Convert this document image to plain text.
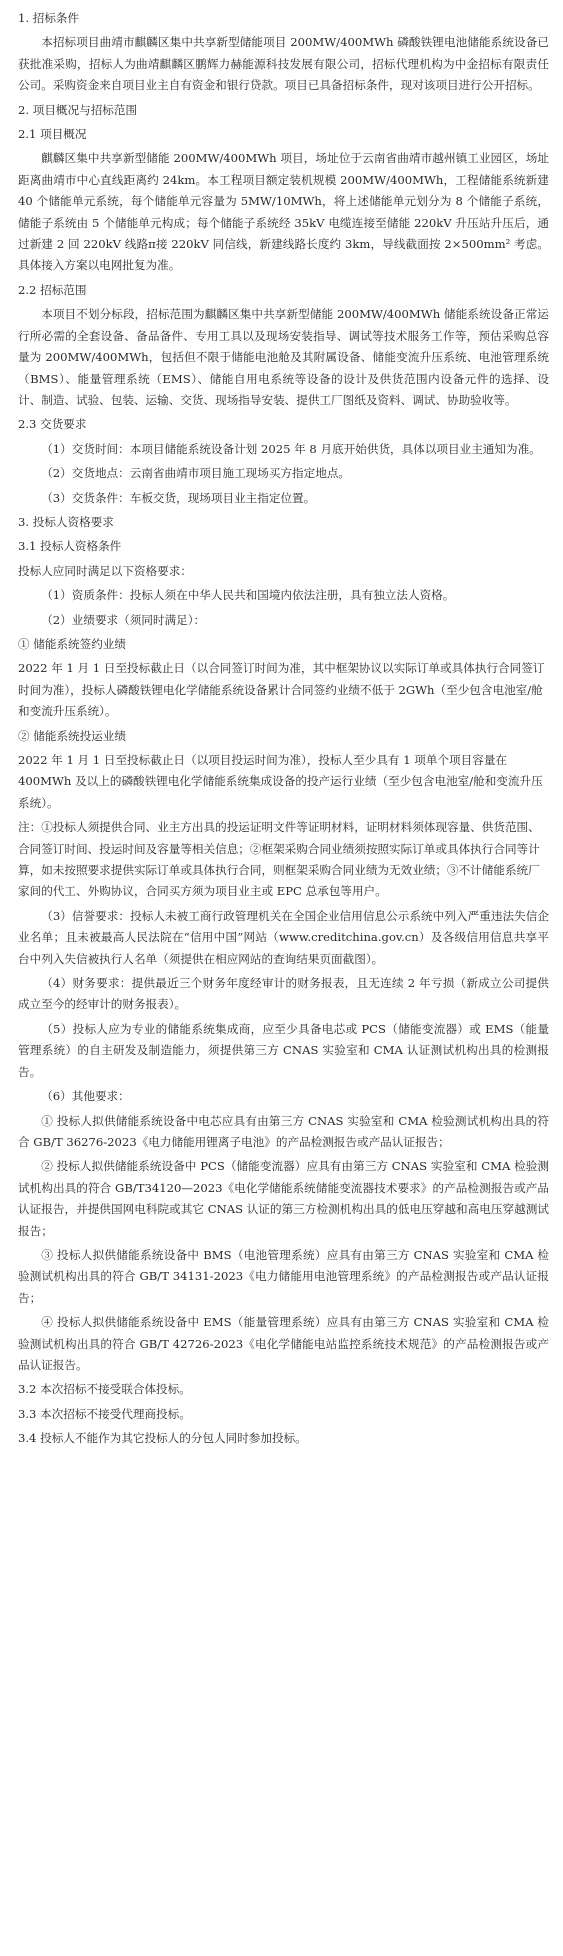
1. 招标条件

本招标项目曲靖市麒麟区集中共享新型储能项目 200MW/400MWh 磷酸铁锂电池储能系统设备已获批准采购，招标人为曲靖麒麟区鹏辉力赫能源科技发展有限公司，招标代理机构为中金招标有限责任公司。采购资金来自项目业主自有资金和银行贷款。项目已具备招标条件，现对该项目进行公开招标。

2. 项目概况与招标范围

2.1 项目概况

麒麟区集中共享新型储能 200MW/400MWh 项目，场址位于云南省曲靖市越州镇工业园区，场址距离曲靖市中心直线距离约 24km。本工程项目额定装机规模 200MW/400MWh，工程储能系统新建 40 个储能单元系统，每个储能单元容量为 5MW/10MWh，将上述储能单元划分为 8 个储能子系统，储能子系统由 5 个储能单元构成；每个储能子系统经 35kV 电缆连接至储能 220kV 升压站升压后，通过新建 2 回 220kV 线路π接 220kV 同信线，新建线路长度约 3km，导线截面按 2×500mm² 考虑。具体接入方案以电网批复为准。

2.2 招标范围

本项目不划分标段，招标范围为麒麟区集中共享新型储能 200MW/400MWh 储能系统设备正常运行所必需的全套设备、备品备件、专用工具以及现场安装指导、调试等技术服务工作等，预估采购总容量为 200MW/400MWh，包括但不限于储能电池舱及其附属设备、储能变流升压系统、电池管理系统（BMS）、能量管理系统（EMS）、储能自用电系统等设备的设计及供货范围内设备元件的选择、设计、制造、试验、包装、运输、交货、现场指导安装、提供工厂图纸及资料、调试、协助验收等。

2.3 交货要求

（1）交货时间：本项目储能系统设备计划 2025 年 8 月底开始供货，具体以项目业主通知为准。

（2）交货地点：云南省曲靖市项目施工现场买方指定地点。

（3）交货条件：车板交货，现场项目业主指定位置。

3. 投标人资格要求

3.1 投标人资格条件

投标人应同时满足以下资格要求：

（1）资质条件：投标人须在中华人民共和国境内依法注册，具有独立法人资格。

（2）业绩要求（须同时满足）：

① 储能系统签约业绩

2022 年 1 月 1 日至投标截止日（以合同签订时间为准，其中框架协议以实际订单或具体执行合同签订时间为准），投标人磷酸铁锂电化学储能系统设备累计合同签约业绩不低于 2GWh（至少包含电池室/舱和变流升压系统）。

② 储能系统投运业绩

2022 年 1 月 1 日至投标截止日（以项目投运时间为准），投标人至少具有 1 项单个项目容量在 400MWh 及以上的磷酸铁锂电化学储能系统集成设备的投产运行业绩（至少包含电池室/舱和变流升压系统）。

注：①投标人须提供合同、业主方出具的投运证明文件等证明材料，证明材料须体现容量、供货范围、合同签订时间、投运时间及容量等相关信息；②框架采购合同业绩须按照实际订单或具体执行合同等计算，如未按照要求提供实际订单或具体执行合同，则框架采购合同业绩为无效业绩；③不计储能系统厂家间的代工、外购协议，合同买方须为项目业主或 EPC 总承包等用户。

（3）信誉要求：投标人未被工商行政管理机关在全国企业信用信息公示系统中列入严重违法失信企业名单；且未被最高人民法院在“信用中国”网站（www.creditchina.gov.cn）及各级信用信息共享平台中列入失信被执行人名单（须提供在相应网站的查询结果页面截图）。

（4）财务要求：提供最近三个财务年度经审计的财务报表，且无连续 2 年亏损（新成立公司提供成立至今的经审计的财务报表）。

（5）投标人应为专业的储能系统集成商，应至少具备电芯或 PCS（储能变流器）或 EMS（能量管理系统）的自主研发及制造能力，须提供第三方 CNAS 实验室和 CMA 认证测试机构出具的检测报告。

（6）其他要求：

① 投标人拟供储能系统设备中电芯应具有由第三方 CNAS 实验室和 CMA 检验测试机构出具的符合 GB/T 36276-2023《电力储能用锂离子电池》的产品检测报告或产品认证报告；

② 投标人拟供储能系统设备中 PCS（储能变流器）应具有由第三方 CNAS 实验室和 CMA 检验测试机构出具的符合 GB/T34120—2023《电化学储能系统储能变流器技术要求》的产品检测报告或产品认证报告，并提供国网电科院或其它 CNAS 认证的第三方检测机构出具的低电压穿越和高电压穿越测试报告；

③ 投标人拟供储能系统设备中 BMS（电池管理系统）应具有由第三方 CNAS 实验室和 CMA 检验测试机构出具的符合 GB/T 34131-2023《电力储能用电池管理系统》的产品检测报告或产品认证报告；

④ 投标人拟供储能系统设备中 EMS（能量管理系统）应具有由第三方 CNAS 实验室和 CMA 检验测试机构出具的符合 GB/T 42726-2023《电化学储能电站监控系统技术规范》的产品检测报告或产品认证报告。

3.2 本次招标不接受联合体投标。

3.3 本次招标不接受代理商投标。

3.4 投标人不能作为其它投标人的分包人同时参加投标。
